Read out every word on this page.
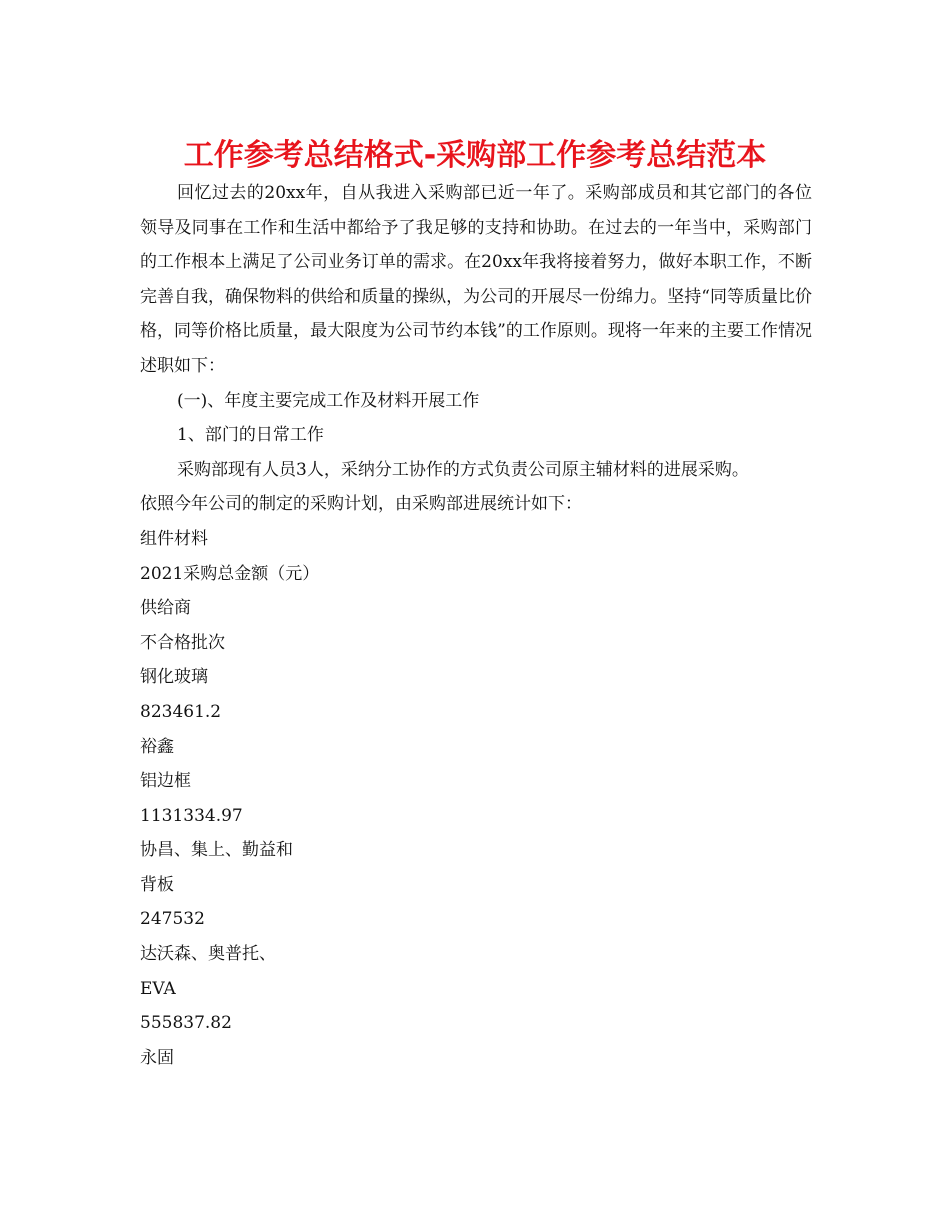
工作参考总结格式-采购部工作参考总结范本

回忆过去的20xx年，自从我进入采购部已近一年了。采购部成员和其它部门的各位领导及同事在工作和生活中都给予了我足够的支持和协助。在过去的一年当中，采购部门的工作根本上满足了公司业务订单的需求。在20xx年我将接着努力，做好本职工作，不断完善自我，确保物料的供给和质量的操纵，为公司的开展尽一份绵力。坚持“同等质量比价格，同等价格比质量，最大限度为公司节约本钱”的工作原则。现将一年来的主要工作情况述职如下：

(一)、年度主要完成工作及材料开展工作

1、部门的日常工作

采购部现有人员3人，采纳分工协作的方式负责公司原主辅材料的进展采购。

依照今年公司的制定的采购计划，由采购部进展统计如下：

组件材料

2021采购总金额（元）

供给商

不合格批次

钢化玻璃

823461.2

裕鑫

铝边框

1131334.97

协昌、集上、勤益和

背板

247532

达沃森、奥普托、

EVA

555837.82

永固
